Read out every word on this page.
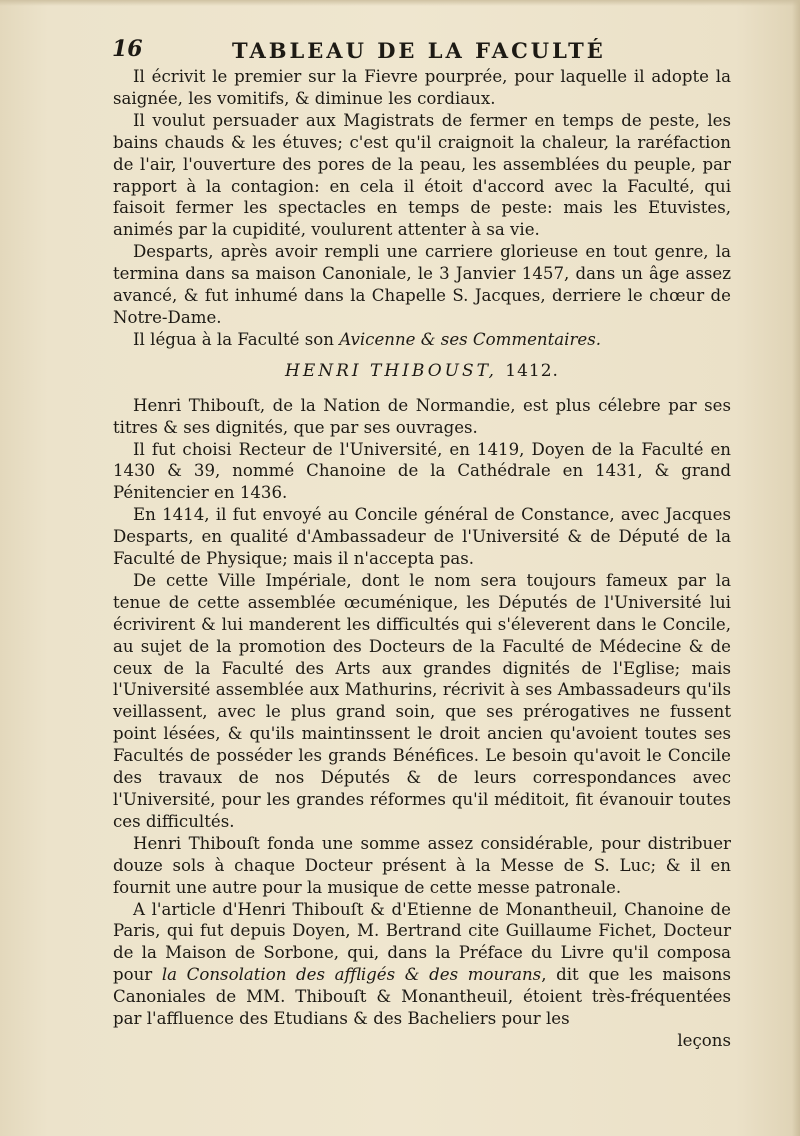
16	TABLEAU DE LA FACULTÉ

Il écrivit le premier sur la Fievre pourprée, pour laquelle il adopte la saignée, les vomitifs, & diminue les cordiaux.

Il voulut persuader aux Magistrats de fermer en temps de peste, les bains chauds & les étuves; c'est qu'il craignoit la chaleur, la raréfaction de l'air, l'ouverture des pores de la peau, les assemblées du peuple, par rapport à la contagion: en cela il étoit d'accord avec la Faculté, qui faisoit fermer les spectacles en temps de peste: mais les Etuvistes, animés par la cupidité, voulurent attenter à sa vie.

Desparts, après avoir rempli une carriere glorieuse en tout genre, la termina dans sa maison Canoniale, le 3 Janvier 1457, dans un âge assez avancé, & fut inhumé dans la Chapelle S. Jacques, derriere le chœur de Notre-Dame.

Il légua à la Faculté son Avicenne & ses Commentaires.

HENRI THIBOUST, 1412.

Henri Thibouſt, de la Nation de Normandie, est plus célebre par ses titres & ses dignités, que par ses ouvrages.

Il fut choisi Recteur de l'Université, en 1419, Doyen de la Faculté en 1430 & 39, nommé Chanoine de la Cathédrale en 1431, & grand Pénitencier en 1436.

En 1414, il fut envoyé au Concile général de Constance, avec Jacques Desparts, en qualité d'Ambassadeur de l'Université & de Député de la Faculté de Physique; mais il n'accepta pas.

De cette Ville Impériale, dont le nom sera toujours fameux par la tenue de cette assemblée œcuménique, les Députés de l'Université lui écrivirent & lui manderent les difficultés qui s'éleverent dans le Concile, au sujet de la promotion des Docteurs de la Faculté de Médecine & de ceux de la Faculté des Arts aux grandes dignités de l'Eglise; mais l'Université assemblée aux Mathurins, récrivit à ses Ambassadeurs qu'ils veillassent, avec le plus grand soin, que ses prérogatives ne fussent point lésées, & qu'ils maintinssent le droit ancien qu'avoient toutes ses Facultés de posséder les grands Bénéfices. Le besoin qu'avoit le Concile des travaux de nos Députés & de leurs correspondances avec l'Université, pour les grandes réformes qu'il méditoit, fit évanouir toutes ces difficultés.

Henri Thibouſt fonda une somme assez considérable, pour distribuer douze sols à chaque Docteur présent à la Messe de S. Luc; & il en fournit une autre pour la musique de cette messe patronale.

A l'article d'Henri Thibouſt & d'Etienne de Monantheuil, Chanoine de Paris, qui fut depuis Doyen, M. Bertrand cite Guillaume Fichet, Docteur de la Maison de Sorbone, qui, dans la Préface du Livre qu'il composa pour la Consolation des affligés & des mourans, dit que les maisons Canoniales de MM. Thibouſt & Monantheuil, étoient très-fréquentées par l'affluence des Etudians & des Bacheliers pour les

leçons
